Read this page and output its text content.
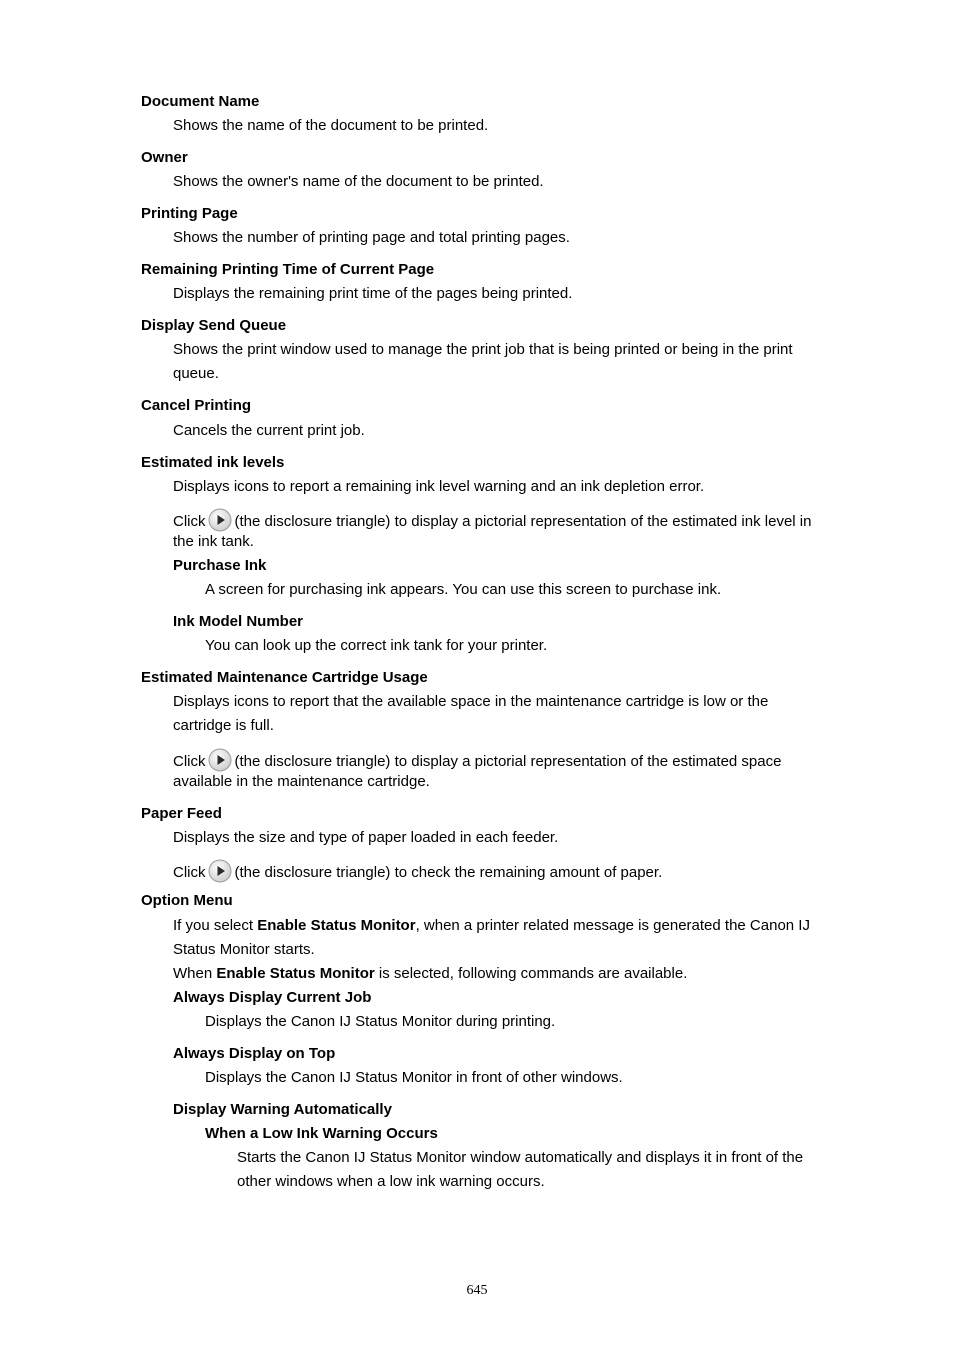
Document Name
Shows the name of the document to be printed.
Owner
Shows the owner's name of the document to be printed.
Printing Page
Shows the number of printing page and total printing pages.
Remaining Printing Time of Current Page
Displays the remaining print time of the pages being printed.
Display Send Queue
Shows the print window used to manage the print job that is being printed or being in the print
queue.
Cancel Printing
Cancels the current print job.
Estimated ink levels
Displays icons to report a remaining ink level warning and an ink depletion error.
Click (the disclosure triangle) to display a pictorial representation of the estimated ink level in
the ink tank.
Purchase Ink
A screen for purchasing ink appears. You can use this screen to purchase ink.
Ink Model Number
You can look up the correct ink tank for your printer.
Estimated Maintenance Cartridge Usage
Displays icons to report that the available space in the maintenance cartridge is low or the
cartridge is full.
Click (the disclosure triangle) to display a pictorial representation of the estimated space
available in the maintenance cartridge.
Paper Feed
Displays the size and type of paper loaded in each feeder.
Click (the disclosure triangle) to check the remaining amount of paper.
Option Menu
If you select Enable Status Monitor, when a printer related message is generated the Canon IJ
Status Monitor starts.
When Enable Status Monitor is selected, following commands are available.
Always Display Current Job
Displays the Canon IJ Status Monitor during printing.
Always Display on Top
Displays the Canon IJ Status Monitor in front of other windows.
Display Warning Automatically
When a Low Ink Warning Occurs
Starts the Canon IJ Status Monitor window automatically and displays it in front of the
other windows when a low ink warning occurs.
645
